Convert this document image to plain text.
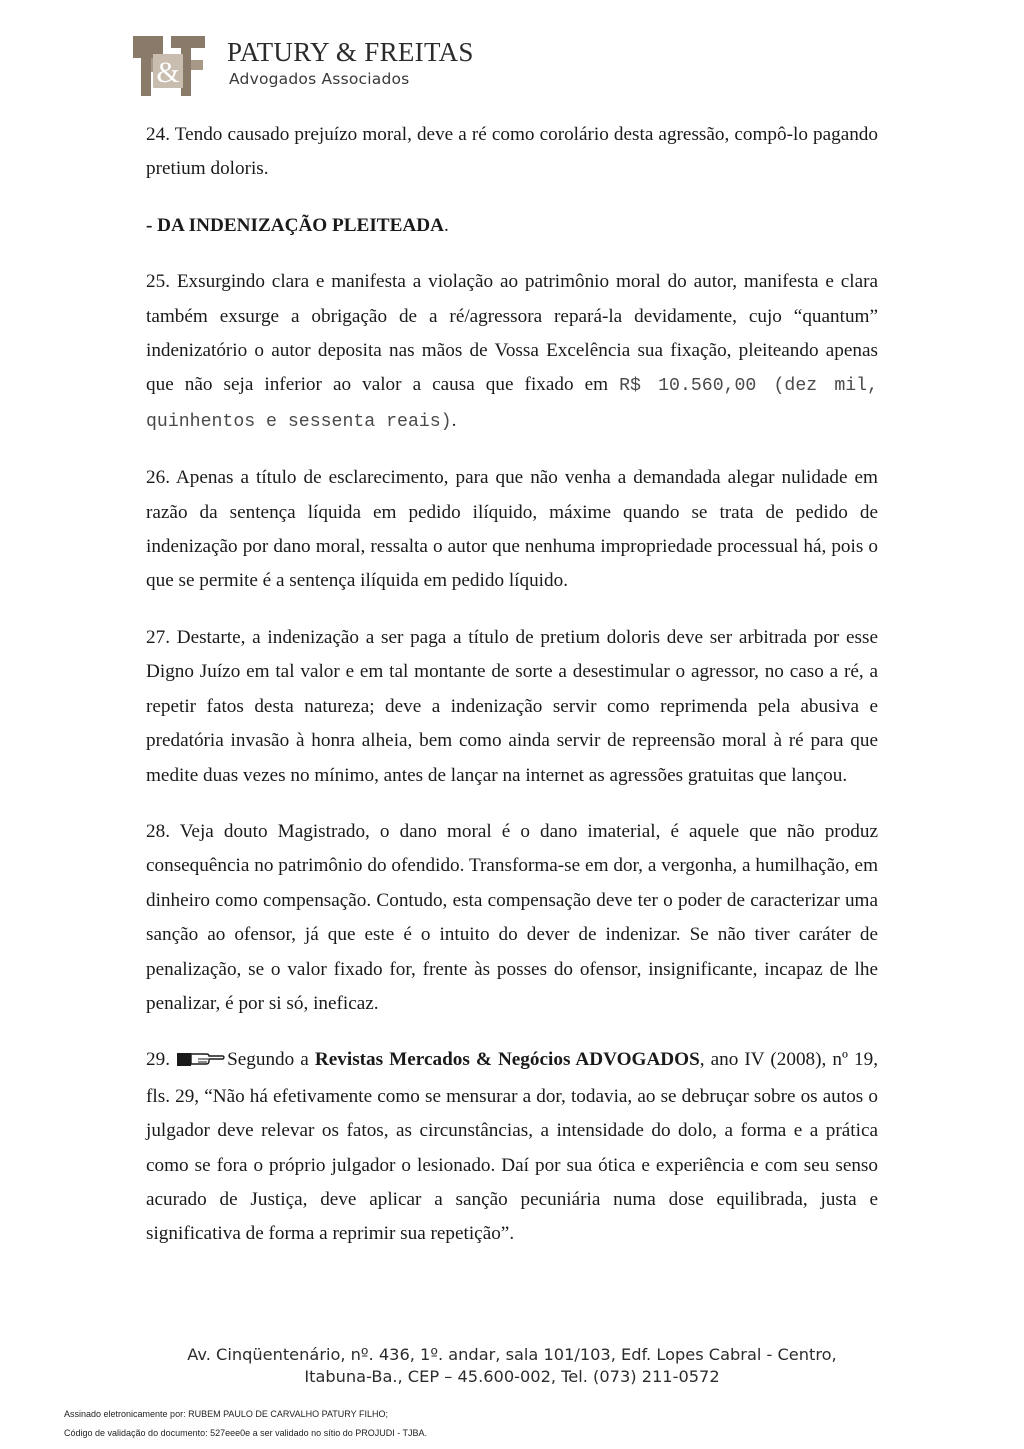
&
PATURY & FREITAS
Advogados Associados

24. Tendo causado prejuízo moral, deve a ré como corolário desta agressão, compô-lo pagando pretium doloris.

- DA INDENIZAÇÃO PLEITEADA.

25. Exsurgindo clara e manifesta a violação ao patrimônio moral do autor, manifesta e clara também exsurge a obrigação de a ré/agressora repará-la devidamente, cujo “quantum” indenizatório o autor deposita nas mãos de Vossa Excelência sua fixação, pleiteando apenas que não seja inferior ao valor a causa que fixado em R$ 10.560,00 (dez mil, quinhentos e sessenta reais).

26. Apenas a título de esclarecimento, para que não venha a demandada alegar nulidade em razão da sentença líquida em pedido ilíquido, máxime quando se trata de pedido de indenização por dano moral, ressalta o autor que nenhuma impropriedade processual há, pois o que se permite é a sentença ilíquida em pedido líquido.

27. Destarte, a indenização a ser paga a título de pretium doloris deve ser arbitrada por esse Digno Juízo em tal valor e em tal montante de sorte a desestimular o agressor, no caso a ré, a repetir fatos desta natureza; deve a indenização servir como reprimenda pela abusiva e predatória invasão à honra alheia, bem como ainda servir de repreensão moral à ré para que medite duas vezes no mínimo, antes de lançar na internet as agressões gratuitas que lançou.

28. Veja douto Magistrado, o dano moral é o dano imaterial, é aquele que não produz consequência no patrimônio do ofendido. Transforma-se em dor, a vergonha, a humilhação, em dinheiro como compensação. Contudo, esta compensação deve ter o poder de caracterizar uma sanção ao ofensor, já que este é o intuito do dever de indenizar. Se não tiver caráter de penalização, se o valor fixado for, frente às posses do ofensor, insignificante, incapaz de lhe penalizar, é por si só, ineficaz.

29.	Segundo a Revistas Mercados & Negócios ADVOGADOS, ano IV (2008), nº 19, fls. 29, “Não há efetivamente como se mensurar a dor, todavia, ao se debruçar sobre os autos o julgador deve relevar os fatos, as circunstâncias, a intensidade do dolo, a forma e a prática como se fora o próprio julgador o lesionado. Daí por sua ótica e experiência e com seu senso acurado de Justiça, deve aplicar a sanção pecuniária numa dose equilibrada, justa e significativa de forma a reprimir sua repetição”.

Av. Cinqüentenário, nº. 436, 1º. andar, sala 101/103, Edf. Lopes Cabral - Centro,
Itabuna-Ba., CEP – 45.600-002, Tel. (073) 211-0572
Assinado eletronicamente por: RUBEM PAULO DE CARVALHO PATURY FILHO;
Código de validação do documento: 527eee0e a ser validado no sítio do PROJUDI - TJBA.
